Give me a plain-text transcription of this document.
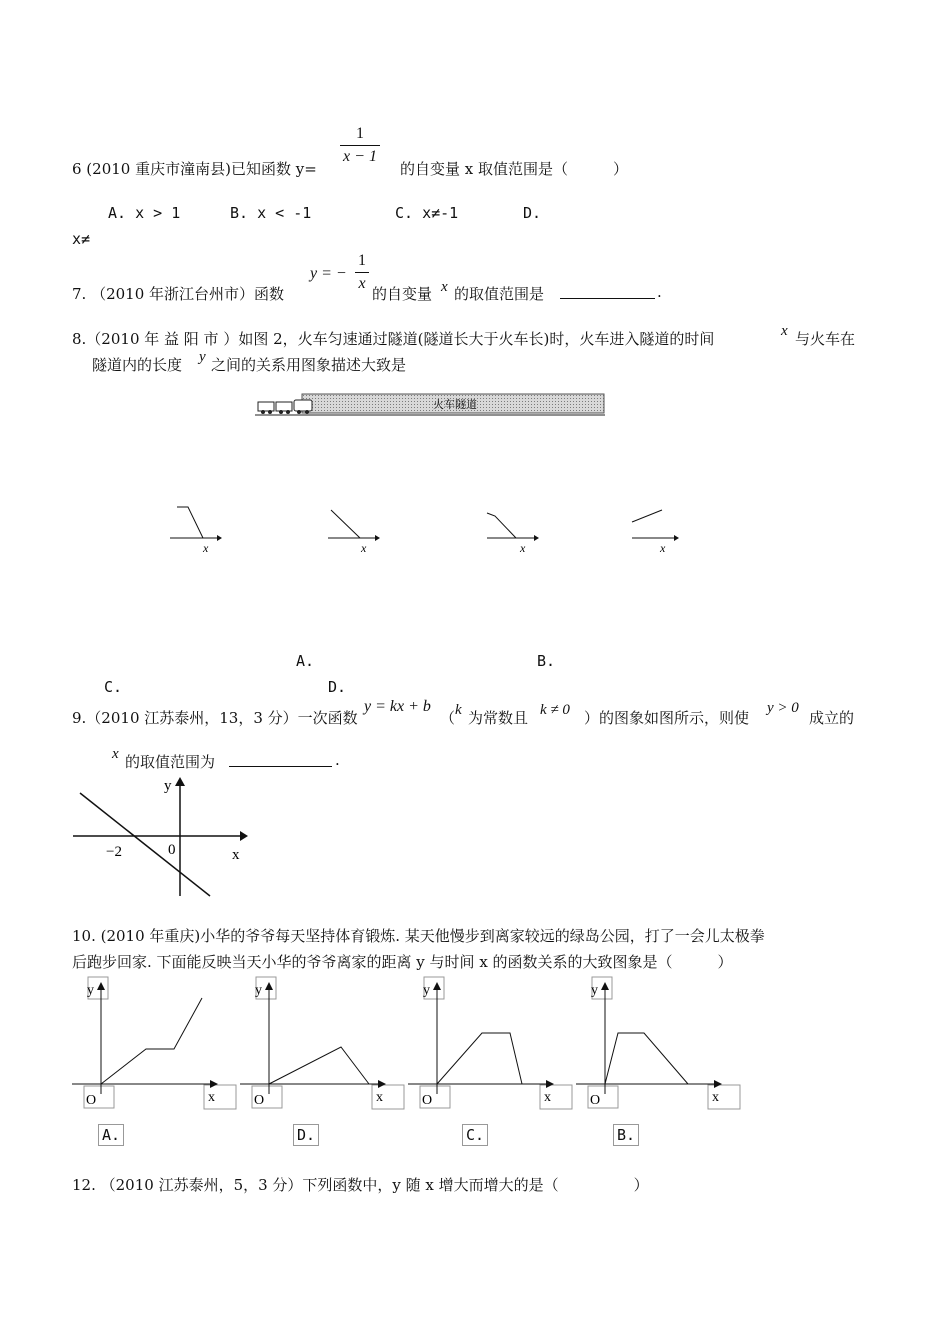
6 (2010 重庆市潼南县)已知函数 y=
1
x − 1
的自变量 x 取值范围是（　　　）
A. x > 1	B. x < -1	C. x≠-1	D.
x≠
7. （2010 年浙江台州市）函数
y = −
1
x
的自变量 x 的取值范围是	.
8.（2010 年 益 阳 市 ）如图 2，火车匀速通过隧道(隧道长大于火车长)时，火车进入隧道的时间	x 与火车在
隧道内的长度 y 之间的关系用图象描述大致是
火车隧道
x	x	x	x
A.	B.
C.	D.
9.（2010 江苏泰州，13，3 分）一次函数
y = kx + b
（ k 为常数且 k ≠ 0 ）的图象如图所示，则使
y > 0
成立的
x 的取值范围为	.
y
x
0
−2
10. (2010 年重庆)小华的爷爷每天坚持体育锻炼. 某天他慢步到离家较远的绿岛公园，打了一会儿太极拳
后跑步回家. 下面能反映当天小华的爷爷离家的距离 y 与时间 x 的函数关系的大致图象是（　　　）
y
x
O
y
x
O
y
x
O
y
x
O
A.	D.	C.	B.
12. （2010 江苏泰州，5，3 分）下列函数中，y 随 x 增大而增大的是（　　　　　）
